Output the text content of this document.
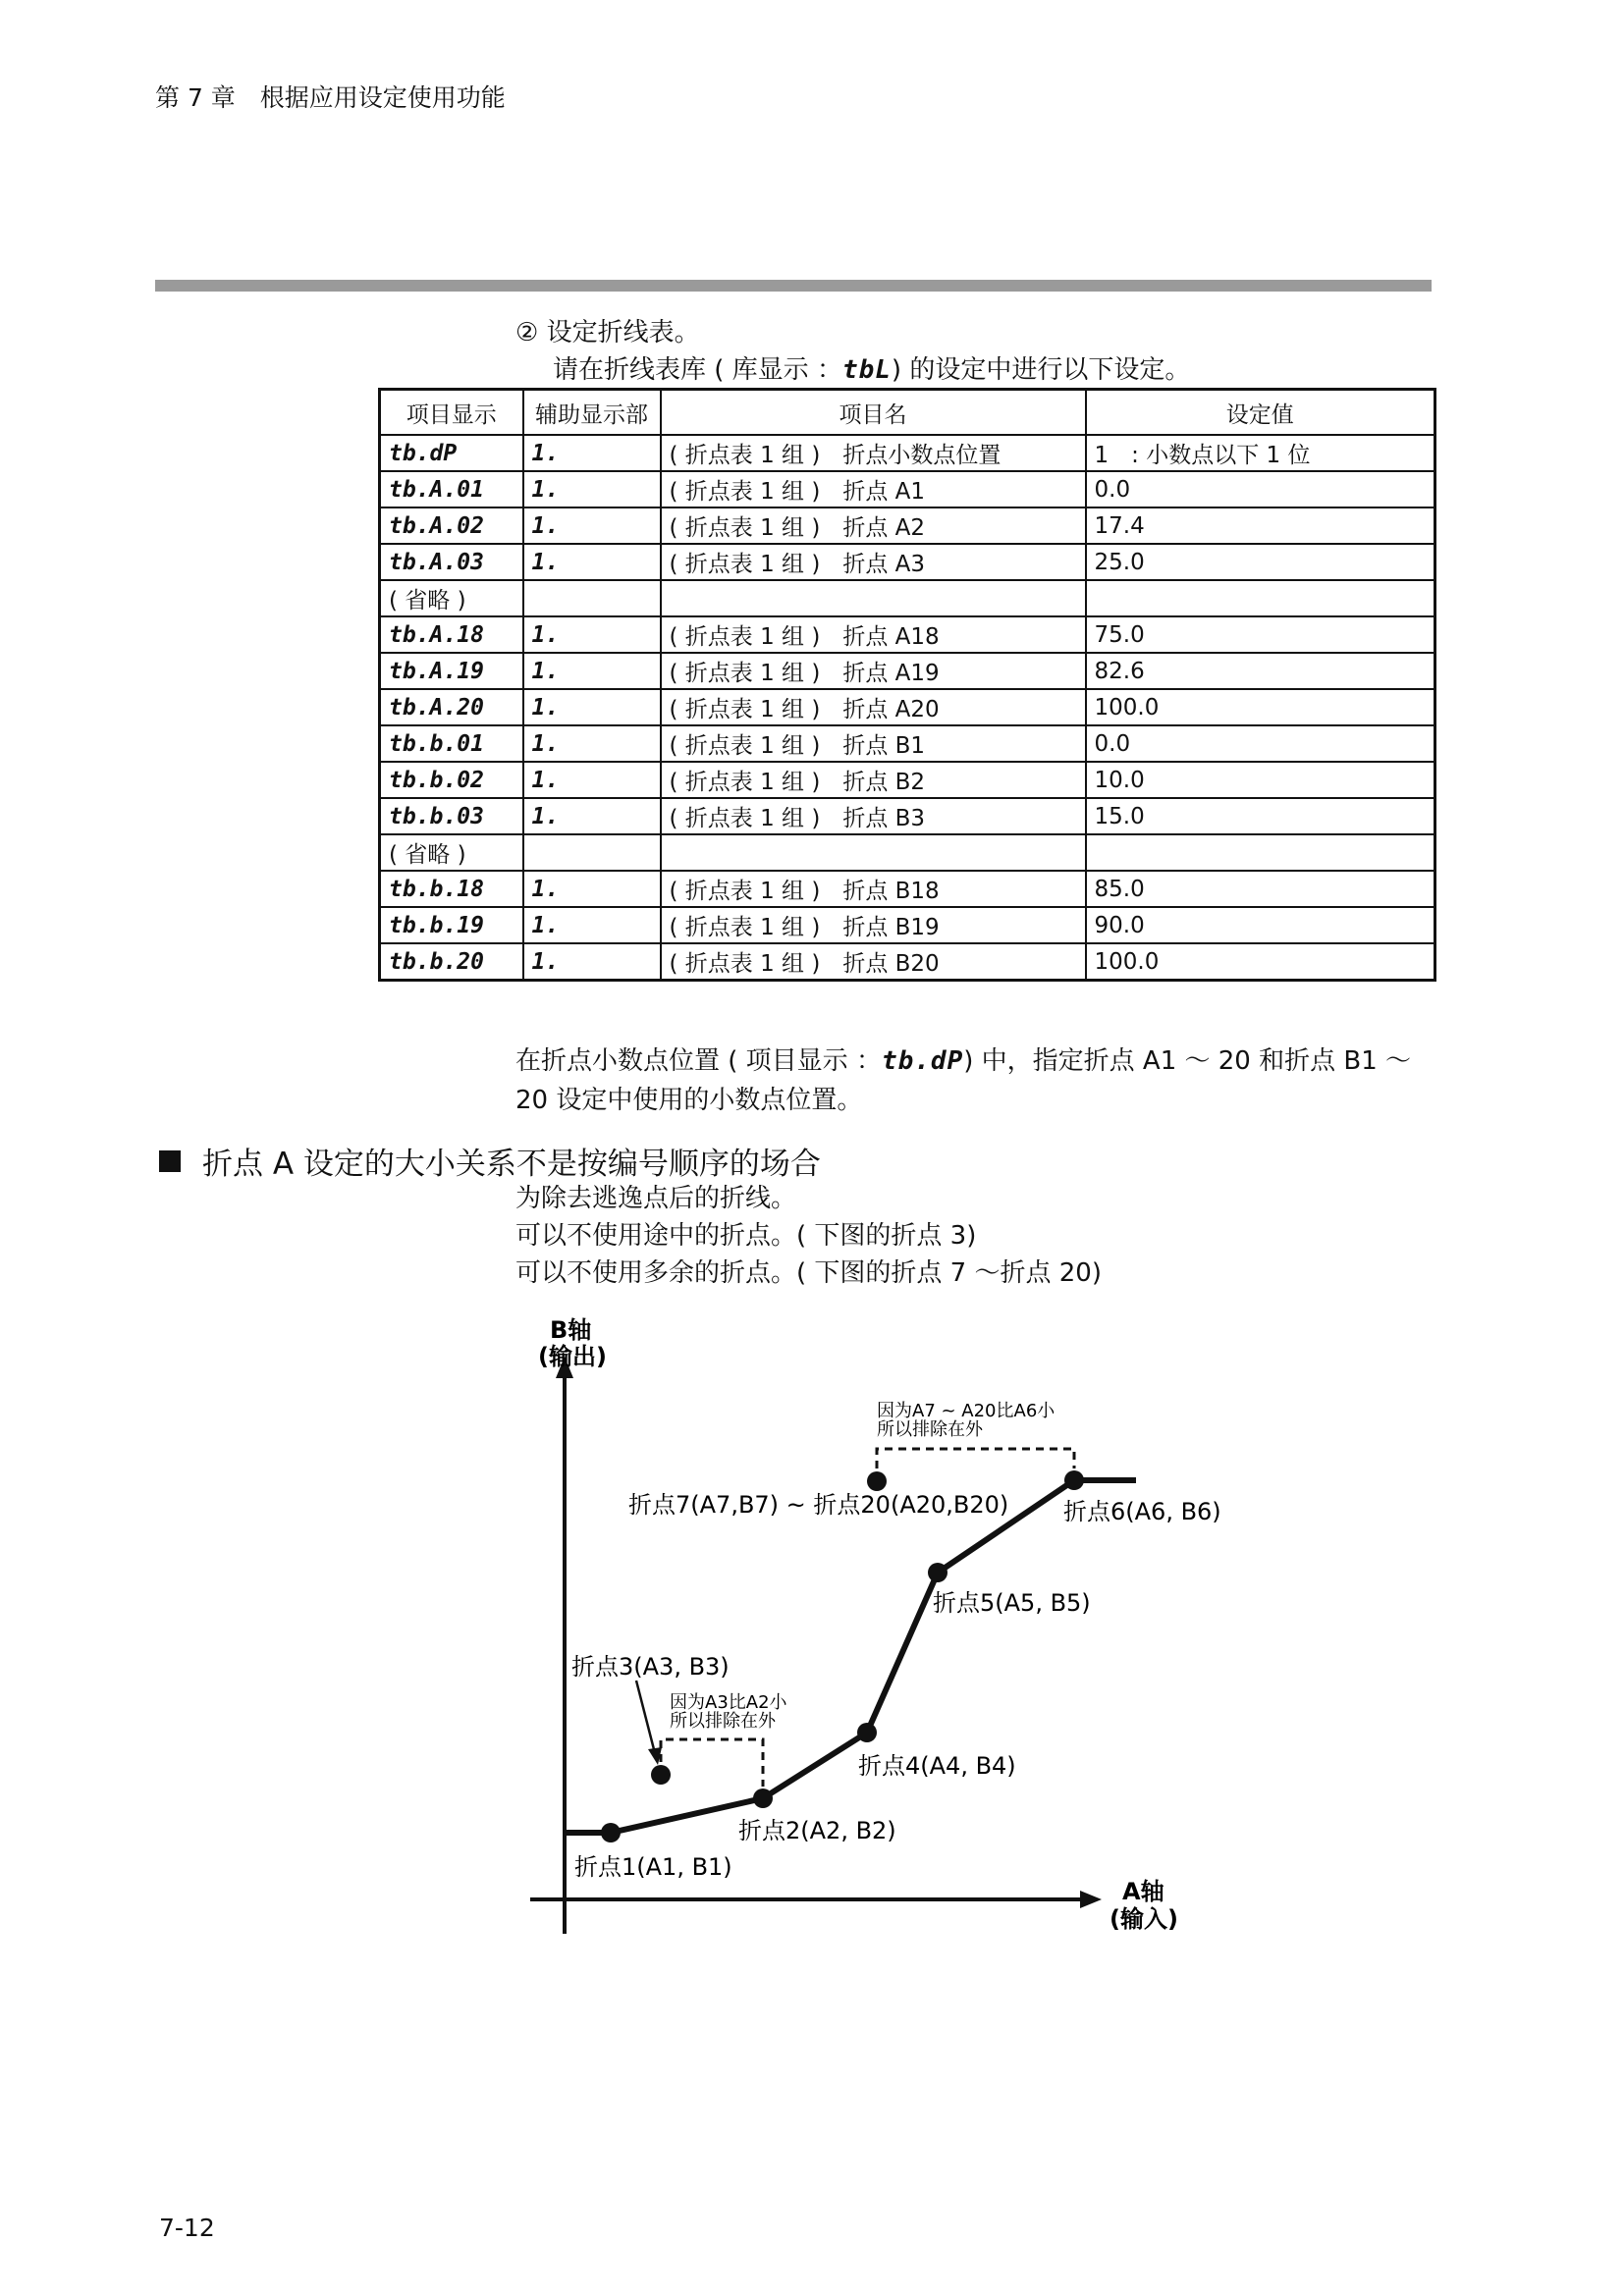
第 7 章　根据应用设定使用功能
② 设定折线表。
请在折线表库 ( 库显示 ：tbL) 的设定中进行以下设定。
项目显示	辅助显示部	项目名	设定值
tb.dP	1.	( 折点表 1 组 )　折点小数点位置	1　: 小数点以下 1 位
tb.A.01	1.	( 折点表 1 组 )　折点 A1	0.0
tb.A.02	1.	( 折点表 1 组 )　折点 A2	17.4
tb.A.03	1.	( 折点表 1 组 )　折点 A3	25.0
( 省略 )			
tb.A.18	1.	( 折点表 1 组 )　折点 A18	75.0
tb.A.19	1.	( 折点表 1 组 )　折点 A19	82.6
tb.A.20	1.	( 折点表 1 组 )　折点 A20	100.0
tb.b.01	1.	( 折点表 1 组 )　折点 B1	0.0
tb.b.02	1.	( 折点表 1 组 )　折点 B2	10.0
tb.b.03	1.	( 折点表 1 组 )　折点 B3	15.0
( 省略 )			
tb.b.18	1.	( 折点表 1 组 )　折点 B18	85.0
tb.b.19	1.	( 折点表 1 组 )　折点 B19	90.0
tb.b.20	1.	( 折点表 1 组 )　折点 B20	100.0
在折点小数点位置 ( 项目显示 ：tb.dP) 中，指定折点 A1 ～ 20 和折点 B1 ～
20 设定中使用的小数点位置。
折点 A 设定的大小关系不是按编号顺序的场合
为除去逃逸点后的折线。
可以不使用途中的折点。( 下图的折点 3)
可以不使用多余的折点。( 下图的折点 7 ～折点 20)
B轴
(输出)
A轴
(输入)
折点1(A1, B1)
折点2(A2, B2)
折点3(A3, B3)
折点4(A4, B4)
折点5(A5, B5)
折点6(A6, B6)
折点7(A7,B7) ~ 折点20(A20,B20)
因为A3比A2小
所以排除在外
因为A7 ~ A20比A6小
所以排除在外
7-12
